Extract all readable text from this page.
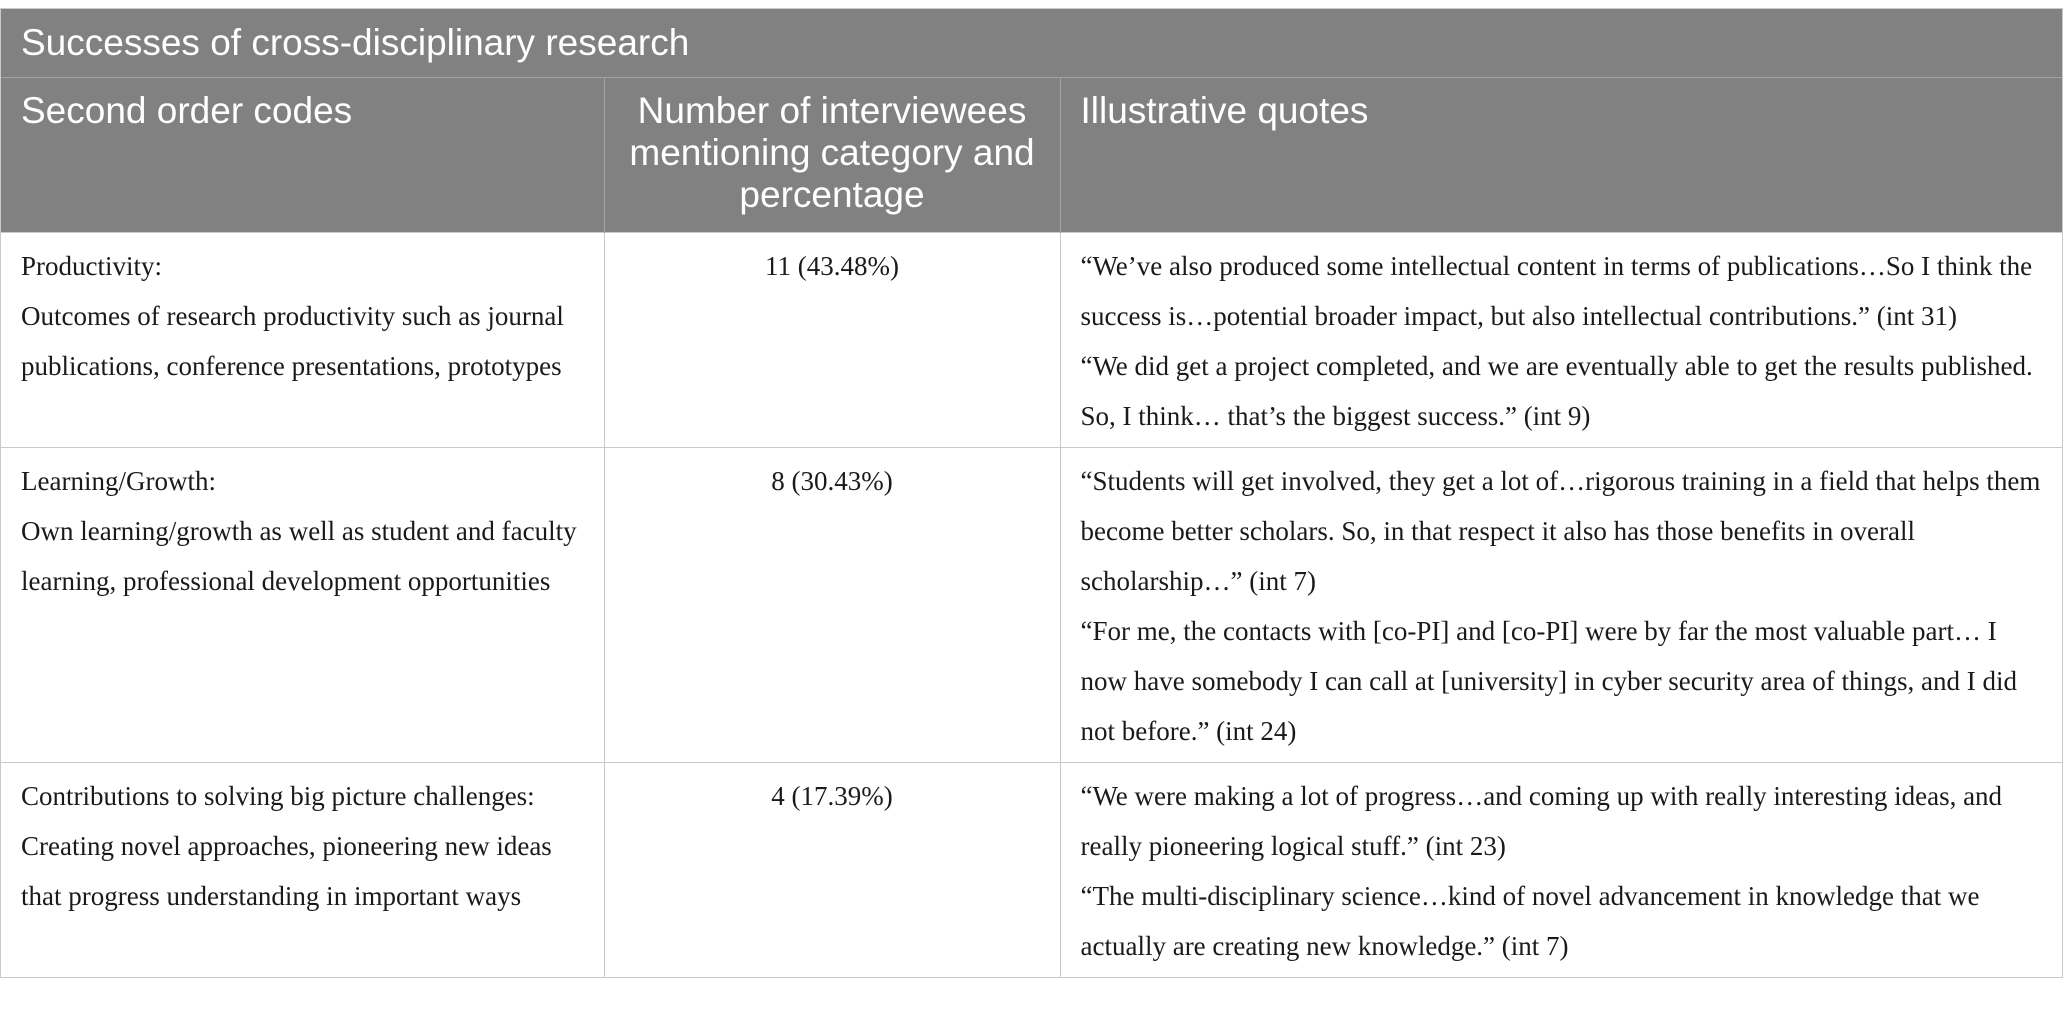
Successes of cross-disciplinary research
Second order codes	Number of interviewees mentioning category and percentage	Illustrative quotes

Productivity:
Outcomes of research productivity such as journal publications, conference presentations, prototypes	11 (43.48%)	“We’ve also produced some intellectual content in terms of publications…So I think the success is…potential broader impact, but also intellectual contributions.” (int 31)
“We did get a project completed, and we are eventually able to get the results published. So, I think… that’s the biggest success.” (int 9)

Learning/Growth:
Own learning/growth as well as student and faculty learning, professional development opportunities	8 (30.43%)	“Students will get involved, they get a lot of…rigorous training in a field that helps them become better scholars. So, in that respect it also has those benefits in overall scholarship…” (int 7)
“For me, the contacts with [co-PI] and [co-PI] were by far the most valuable part… I now have somebody I can call at [university] in cyber security area of things, and I did not before.” (int 24)

Contributions to solving big picture challenges:
Creating novel approaches, pioneering new ideas that progress understanding in important ways	4 (17.39%)	“We were making a lot of progress…and coming up with really interesting ideas, and really pioneering logical stuff.” (int 23)
“The multi-disciplinary science…kind of novel advancement in knowledge that we actually are creating new knowledge.” (int 7)
